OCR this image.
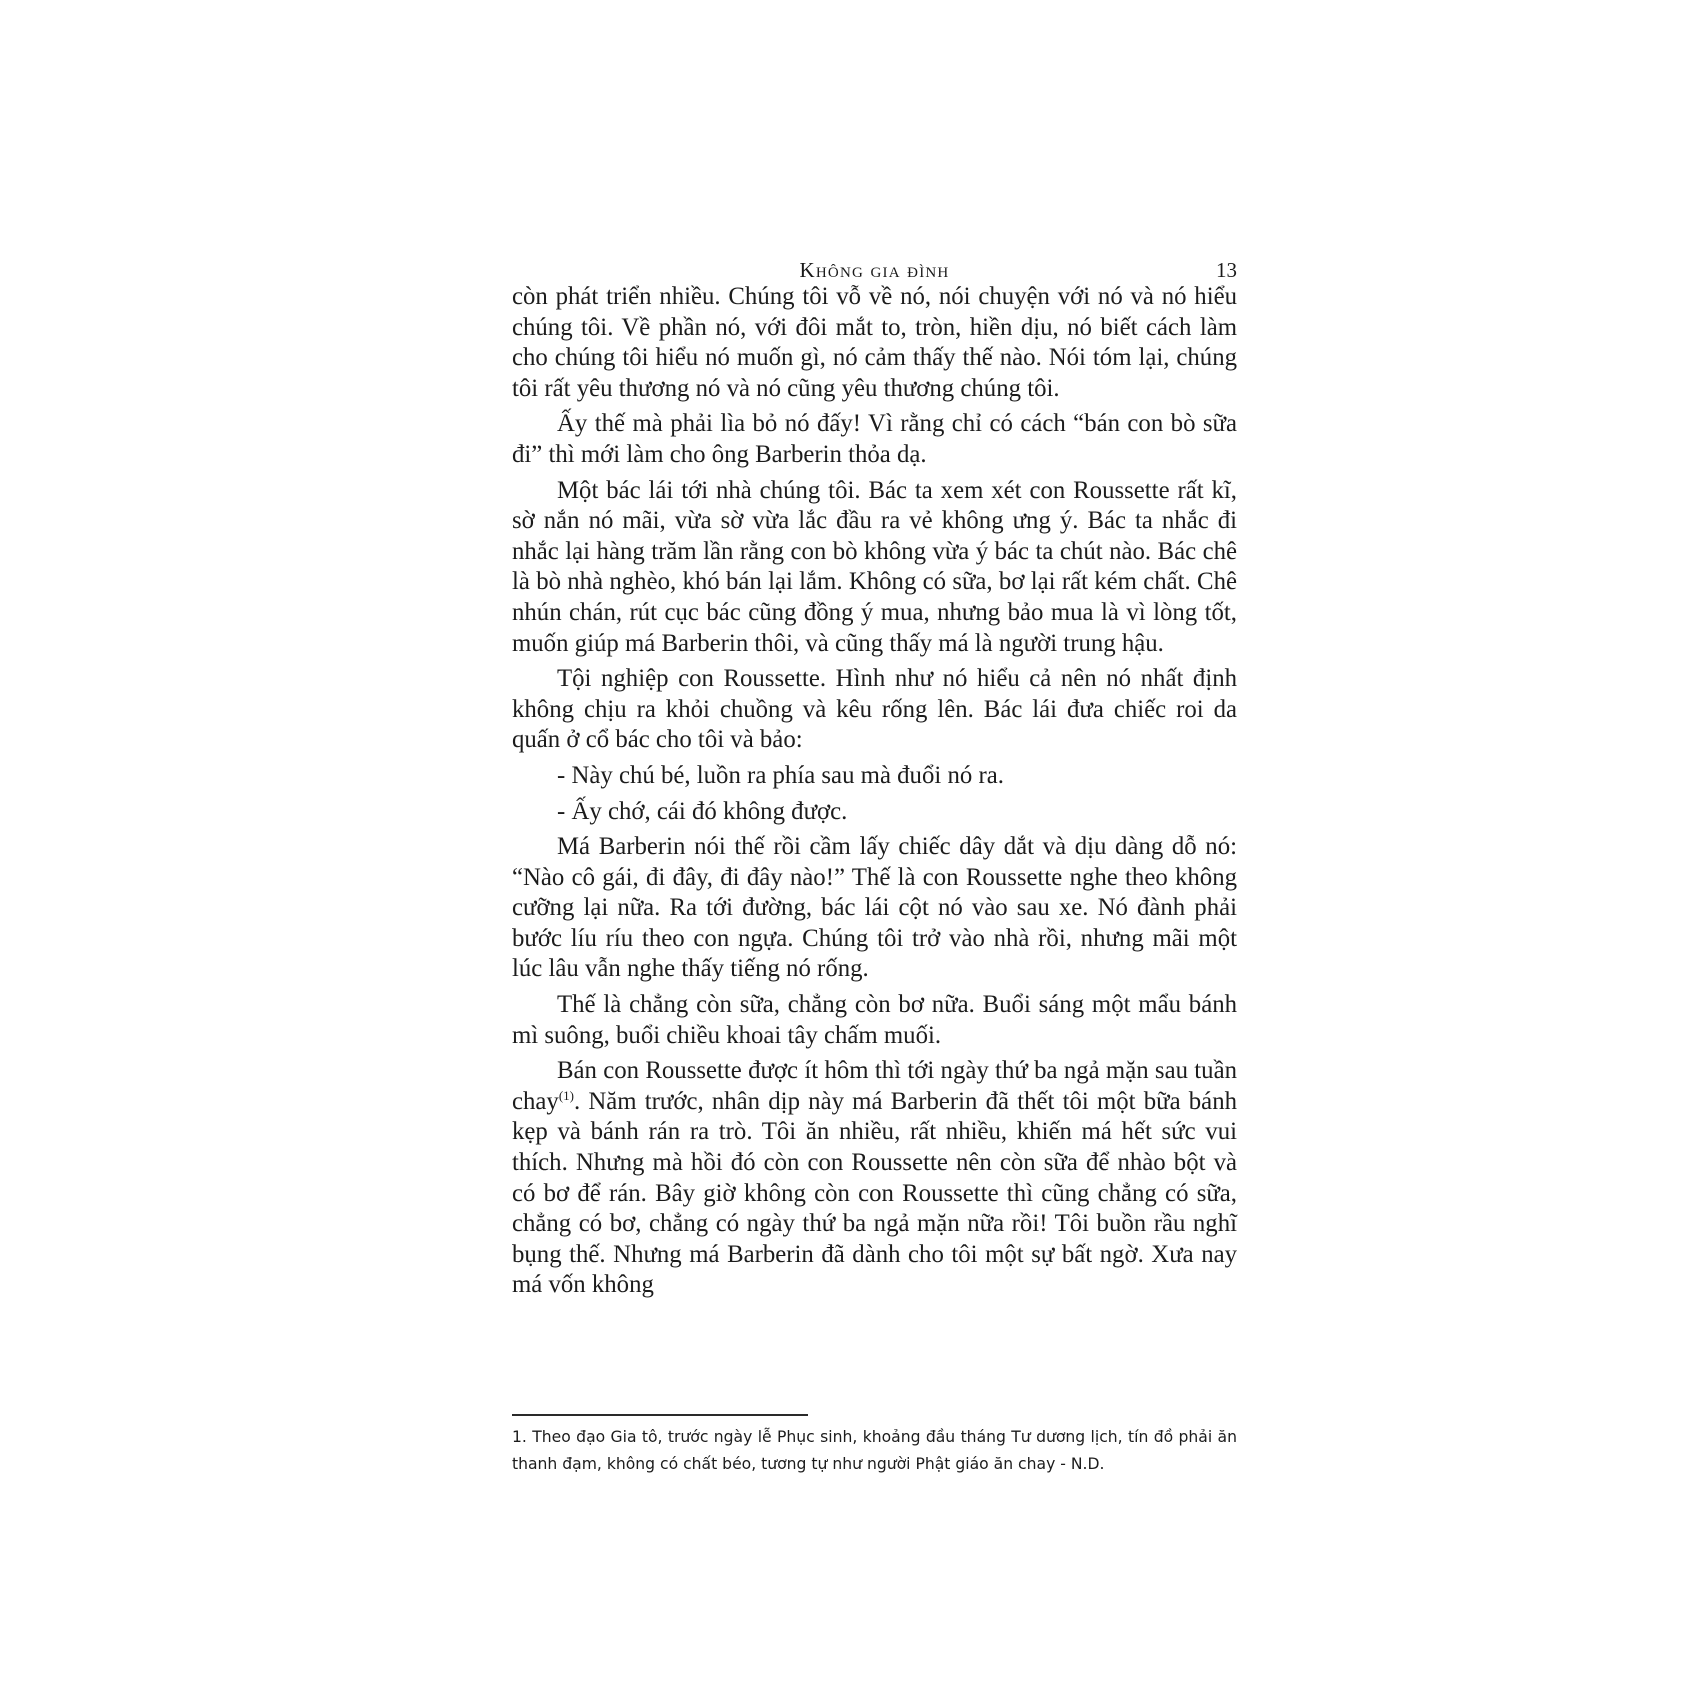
Không gia đình	13

còn phát triển nhiều. Chúng tôi vỗ về nó, nói chuyện với nó và nó hiểu chúng tôi. Về phần nó, với đôi mắt to, tròn, hiền dịu, nó biết cách làm cho chúng tôi hiểu nó muốn gì, nó cảm thấy thế nào. Nói tóm lại, chúng tôi rất yêu thương nó và nó cũng yêu thương chúng tôi.

Ấy thế mà phải lìa bỏ nó đấy! Vì rằng chỉ có cách “bán con bò sữa đi” thì mới làm cho ông Barberin thỏa dạ.

Một bác lái tới nhà chúng tôi. Bác ta xem xét con Roussette rất kĩ, sờ nắn nó mãi, vừa sờ vừa lắc đầu ra vẻ không ưng ý. Bác ta nhắc đi nhắc lại hàng trăm lần rằng con bò không vừa ý bác ta chút nào. Bác chê là bò nhà nghèo, khó bán lại lắm. Không có sữa, bơ lại rất kém chất. Chê nhún chán, rút cục bác cũng đồng ý mua, nhưng bảo mua là vì lòng tốt, muốn giúp má Barberin thôi, và cũng thấy má là người trung hậu.

Tội nghiệp con Roussette. Hình như nó hiểu cả nên nó nhất định không chịu ra khỏi chuồng và kêu rống lên. Bác lái đưa chiếc roi da quấn ở cổ bác cho tôi và bảo:

- Này chú bé, luồn ra phía sau mà đuổi nó ra.

- Ấy chớ, cái đó không được.

Má Barberin nói thế rồi cầm lấy chiếc dây dắt và dịu dàng dỗ nó: “Nào cô gái, đi đây, đi đây nào!” Thế là con Roussette nghe theo không cưỡng lại nữa. Ra tới đường, bác lái cột nó vào sau xe. Nó đành phải bước líu ríu theo con ngựa. Chúng tôi trở vào nhà rồi, nhưng mãi một lúc lâu vẫn nghe thấy tiếng nó rống.

Thế là chẳng còn sữa, chẳng còn bơ nữa. Buổi sáng một mẩu bánh mì suông, buổi chiều khoai tây chấm muối.

Bán con Roussette được ít hôm thì tới ngày thứ ba ngả mặn sau tuần chay$^{(1)}$. Năm trước, nhân dịp này má Barberin đã thết tôi một bữa bánh kẹp và bánh rán ra trò. Tôi ăn nhiều, rất nhiều, khiến má hết sức vui thích. Nhưng mà hồi đó còn con Roussette nên còn sữa để nhào bột và có bơ để rán. Bây giờ không còn con Roussette thì cũng chẳng có sữa, chẳng có bơ, chẳng có ngày thứ ba ngả mặn nữa rồi! Tôi buồn rầu nghĩ bụng thế. Nhưng má Barberin đã dành cho tôi một sự bất ngờ. Xưa nay má vốn không

1. Theo đạo Gia tô, trước ngày lễ Phục sinh, khoảng đầu tháng Tư dương lịch, tín đồ phải ăn thanh đạm, không có chất béo, tương tự như người Phật giáo ăn chay - N.D.
